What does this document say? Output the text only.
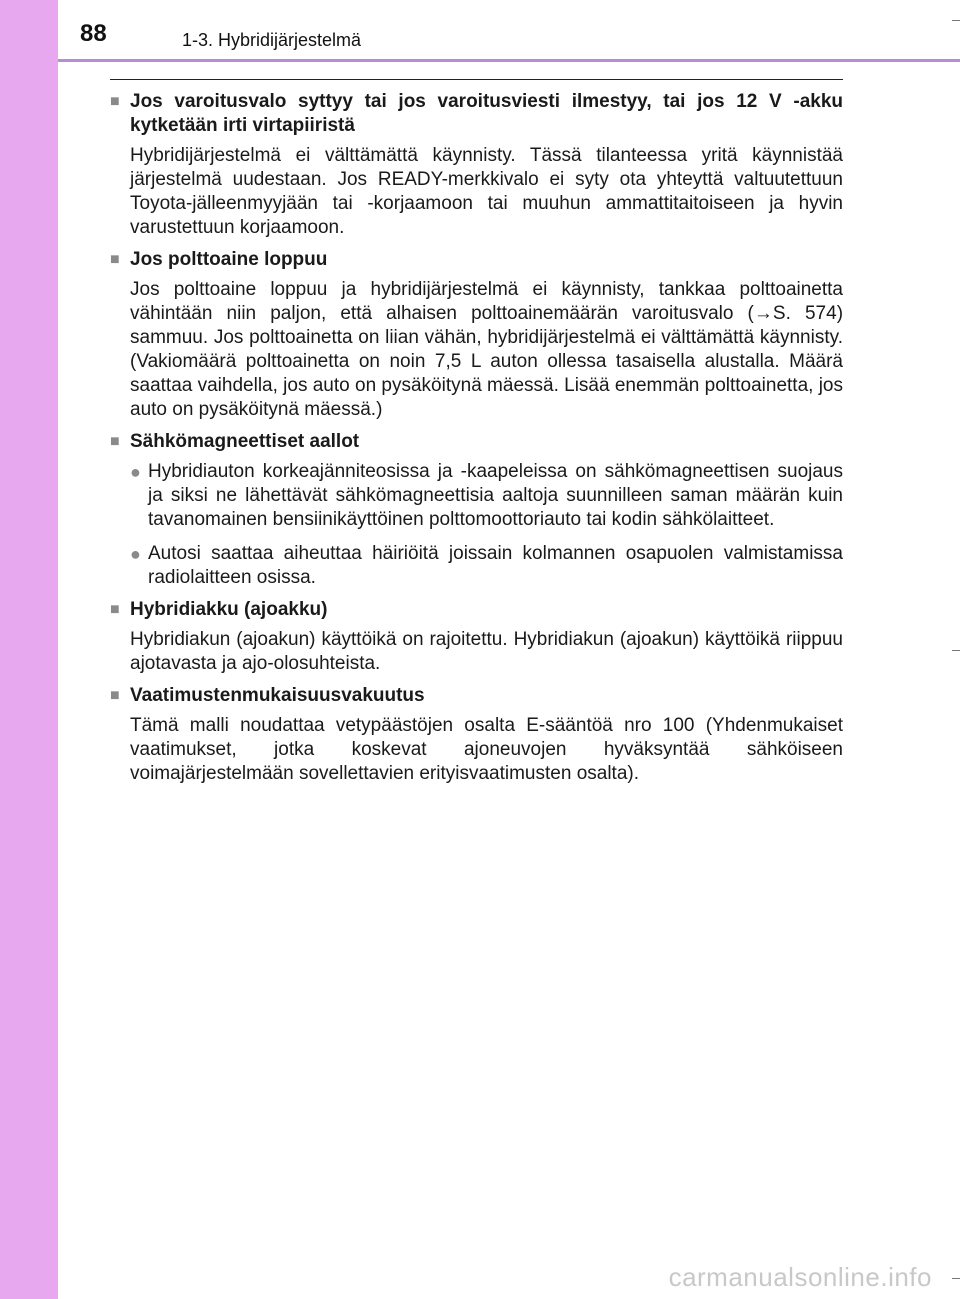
88	1-3. Hybridijärjestelmä
■ Jos varoitusvalo syttyy tai jos varoitusviesti ilmestyy, tai jos 12 V -akku kytketään irti virtapiiristä
Hybridijärjestelmä ei välttämättä käynnisty. Tässä tilanteessa yritä käynnistää järjestelmä uudestaan. Jos READY-merkkivalo ei syty ota yhteyttä valtuutettuun Toyota-jälleenmyyjään tai -korjaamoon tai muuhun ammattitaitoiseen ja hyvin varustettuun korjaamoon.
■ Jos polttoaine loppuu
Jos polttoaine loppuu ja hybridijärjestelmä ei käynnisty, tankkaa polttoainetta vähintään niin paljon, että alhaisen polttoainemäärän varoitusvalo (→S. 574) sammuu. Jos polttoainetta on liian vähän, hybridijärjestelmä ei välttämättä käynnisty. (Vakiomäärä polttoainetta on noin 7,5 L auton ollessa tasaisella alustalla. Määrä saattaa vaihdella, jos auto on pysäköitynä mäessä. Lisää enemmän polttoainetta, jos auto on pysäköitynä mäessä.)
■ Sähkömagneettiset aallot
● Hybridiauton korkeajänniteosissa ja -kaapeleissa on sähkömagneettisen suojaus ja siksi ne lähettävät sähkömagneettisia aaltoja suunnilleen saman määrän kuin tavanomainen bensiinikäyttöinen polttomoottoriauto tai kodin sähkölaitteet.
● Autosi saattaa aiheuttaa häiriöitä joissain kolmannen osapuolen valmistamissa radiolaitteen osissa.
■ Hybridiakku (ajoakku)
Hybridiakun (ajoakun) käyttöikä on rajoitettu. Hybridiakun (ajoakun) käyttöikä riippuu ajotavasta ja ajo-olosuhteista.
■ Vaatimustenmukaisuusvakuutus
Tämä malli noudattaa vetypäästöjen osalta E-sääntöä nro 100 (Yhdenmukaiset vaatimukset, jotka koskevat ajoneuvojen hyväksyntää sähköiseen voimajärjestelmään sovellettavien erityisvaatimusten osalta).
carmanualsonline.info
